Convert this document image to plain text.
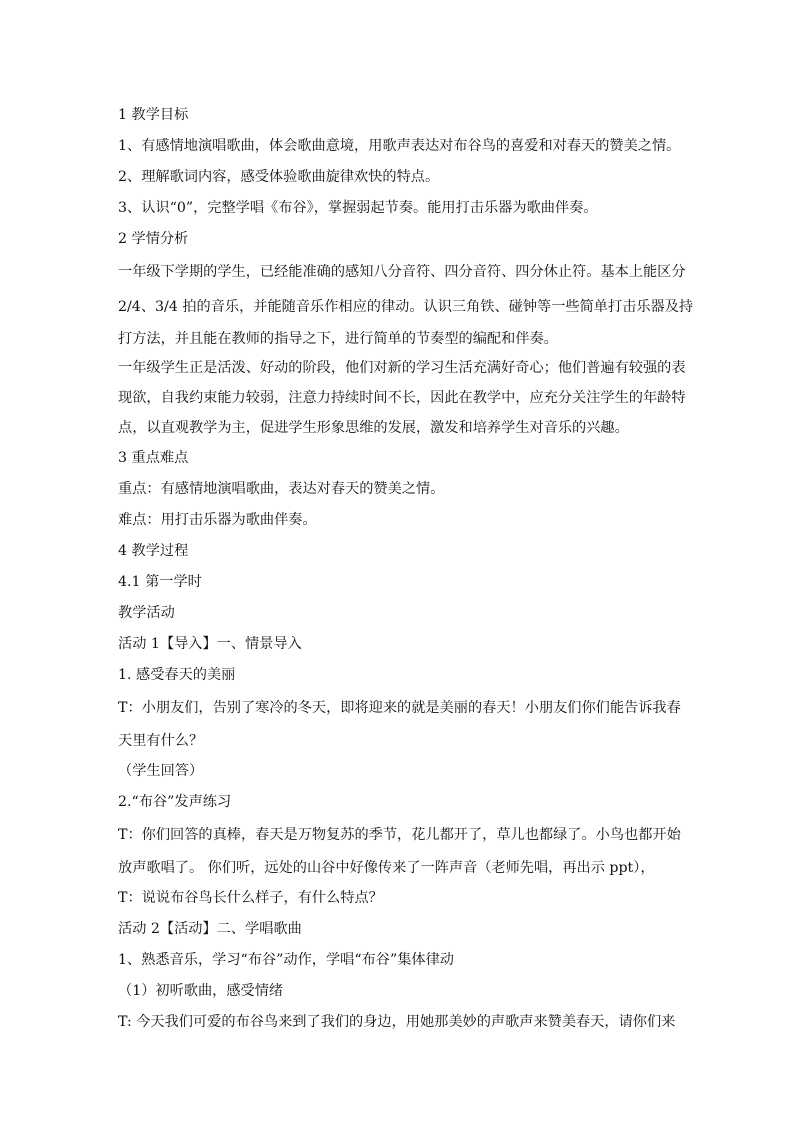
1 教学目标

1、有感情地演唱歌曲，体会歌曲意境，用歌声表达对布谷鸟的喜爱和对春天的赞美之情。

2、理解歌词内容，感受体验歌曲旋律欢快的特点。

3、认识“0”，完整学唱《布谷》，掌握弱起节奏。能用打击乐器为歌曲伴奏。

2 学情分析

一年级下学期的学生，已经能准确的感知八分音符、四分音符、四分休止符。基本上能区分

2/4、3/4 拍的音乐，并能随音乐作相应的律动。认识三角铁、碰钟等一些简单打击乐器及持

打方法，并且能在教师的指导之下，进行简单的节奏型的编配和伴奏。

一年级学生正是活泼、好动的阶段，他们对新的学习生活充满好奇心；他们普遍有较强的表

现欲，自我约束能力较弱，注意力持续时间不长，因此在教学中，应充分关注学生的年龄特

点，以直观教学为主，促进学生形象思维的发展，激发和培养学生对音乐的兴趣。

3 重点难点

重点：有感情地演唱歌曲，表达对春天的赞美之情。

难点：用打击乐器为歌曲伴奏。

4 教学过程

4.1 第一学时

教学活动

活动 1【导入】一、情景导入

1. 感受春天的美丽

T：小朋友们，告别了寒冷的冬天，即将迎来的就是美丽的春天！小朋友们你们能告诉我春

天里有什么？

（学生回答）

2.“布谷”发声练习

T：你们回答的真棒，春天是万物复苏的季节，花儿都开了，草儿也都绿了。小鸟也都开始

放声歌唱了。 你们听，远处的山谷中好像传来了一阵声音（老师先唱，再出示 ppt），

T：说说布谷鸟长什么样子，有什么特点？

活动 2【活动】二、学唱歌曲

1、熟悉音乐，学习“布谷”动作，学唱“布谷”集体律动

（1）初听歌曲，感受情绪

T: 今天我们可爱的布谷鸟来到了我们的身边，用她那美妙的声歌声来赞美春天，请你们来
